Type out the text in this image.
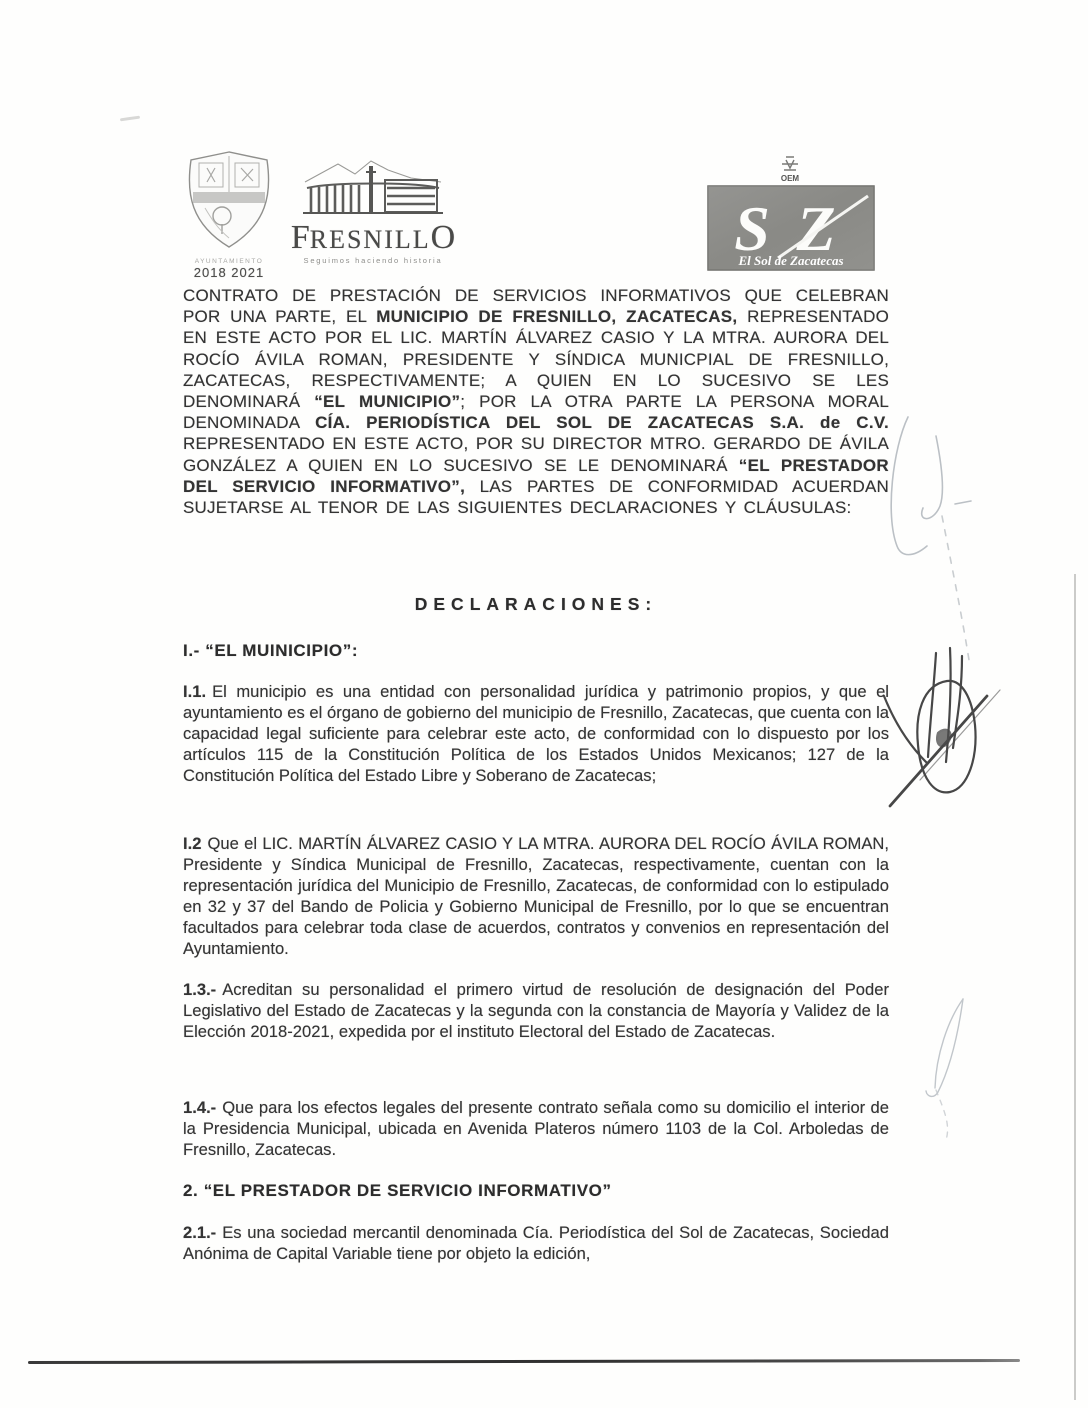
AYUNTAMIENTO
2018 2021
FRESNILLO
Seguimos haciendo historia
OEM
S Z
El Sol de Zacatecas

CONTRATO DE PRESTACIÓN DE SERVICIOS INFORMATIVOS QUE CELEBRAN POR UNA PARTE, EL MUNICIPIO DE FRESNILLO, ZACATECAS, REPRESENTADO EN ESTE ACTO POR EL LIC. MARTÍN ÁLVAREZ CASIO Y LA MTRA. AURORA DEL ROCÍO ÁVILA ROMAN, PRESIDENTE Y SÍNDICA MUNICPIAL DE FRESNILLO, ZACATECAS, RESPECTIVAMENTE; A QUIEN EN LO SUCESIVO SE LES DENOMINARÁ “EL MUNICIPIO”; POR LA OTRA PARTE LA PERSONA MORAL DENOMINADA CÍA. PERIODÍSTICA DEL SOL DE ZACATECAS S.A. de C.V. REPRESENTADO EN ESTE ACTO, POR SU DIRECTOR MTRO. GERARDO DE ÁVILA GONZÁLEZ A QUIEN EN LO SUCESIVO SE LE DENOMINARÁ “EL PRESTADOR DEL SERVICIO INFORMATIVO”, LAS PARTES DE CONFORMIDAD ACUERDAN SUJETARSE AL TENOR DE LAS SIGUIENTES DECLARACIONES Y CLÁUSULAS:

DECLARACIONES:
I.- “EL MUINICIPIO”:

I.1. El municipio es una entidad con personalidad jurídica y patrimonio propios, y que el ayuntamiento es el órgano de gobierno del municipio de Fresnillo, Zacatecas, que cuenta con la capacidad legal suficiente para celebrar este acto, de conformidad con lo dispuesto por los artículos 115 de la Constitución Política de los Estados Unidos Mexicanos; 127 de la Constitución Política del Estado Libre y Soberano de Zacatecas;

I.2 Que el LIC. MARTÍN ÁLVAREZ CASIO Y LA MTRA. AURORA DEL ROCÍO ÁVILA ROMAN, Presidente y Síndica Municipal de Fresnillo, Zacatecas, respectivamente, cuentan con la representación jurídica del Municipio de Fresnillo, Zacatecas, de conformidad con lo estipulado en 32 y 37 del Bando de Policia y Gobierno Municipal de Fresnillo, por lo que se encuentran facultados para celebrar toda clase de acuerdos, contratos y convenios en representación del Ayuntamiento.

1.3.- Acreditan su personalidad el primero virtud de resolución de designación del Poder Legislativo del Estado de Zacatecas y la segunda con la constancia de Mayoría y Validez de la Elección 2018-2021, expedida por el instituto Electoral del Estado de Zacatecas.

1.4.- Que para los efectos legales del presente contrato señala como su domicilio el interior de la Presidencia Municipal, ubicada en Avenida Plateros número 1103 de la Col. Arboledas de Fresnillo, Zacatecas.

2. “EL PRESTADOR DE SERVICIO INFORMATIVO”

2.1.- Es una sociedad mercantil denominada Cía. Periodística del Sol de Zacatecas, Sociedad Anónima de Capital Variable tiene por objeto la edición,
